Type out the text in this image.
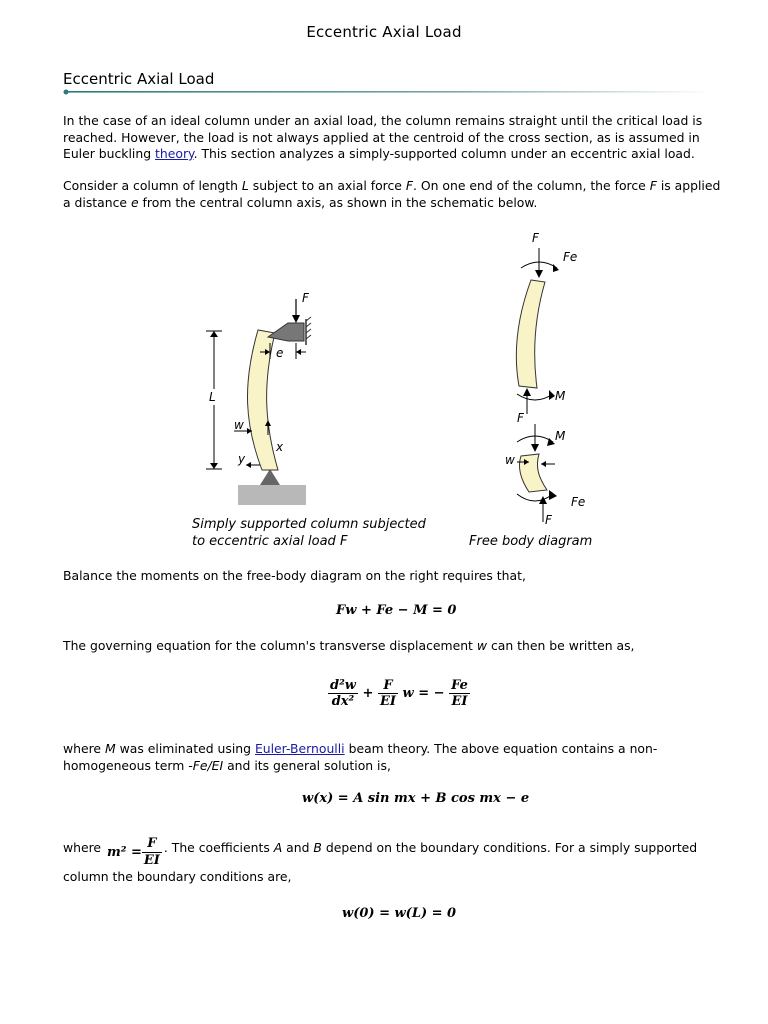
Eccentric Axial Load
Eccentric Axial Load
In the case of an ideal column under an axial load, the column remains straight until the critical load is reached. However, the load is not always applied at the centroid of the cross section, as is assumed in Euler buckling theory. This section analyzes a simply-supported column under an eccentric axial load.
Consider a column of length L subject to an axial force F. On one end of the column, the force F is applied a distance e from the central column axis, as shown in the schematic below.
F
e
L
w
x
y
Simply supported column subjected
to eccentric axial load F
F
Fe
M
F
M
w
Fe
F
Free body diagram
Balance the moments on the free-body diagram on the right requires that,
Fw + Fe − M = 0
The governing equation for the column's transverse displacement w can then be written as,
$\frac{\text{d²w}}{\text{dx²}} + \frac{F}{EI}$ w = − $\frac{Fe}{EI}$
where M was eliminated using Euler-Bernoulli beam theory. The above equation contains a non-homogeneous term -Fe/EI and its general solution is,
w(x) = A sin mx + B cos mx − e
where $m^2 = \frac{F}{EI}$ . The coefficients A and B depend on the boundary conditions. For a simply supported column the boundary conditions are,
w(0) = w(L) = 0
